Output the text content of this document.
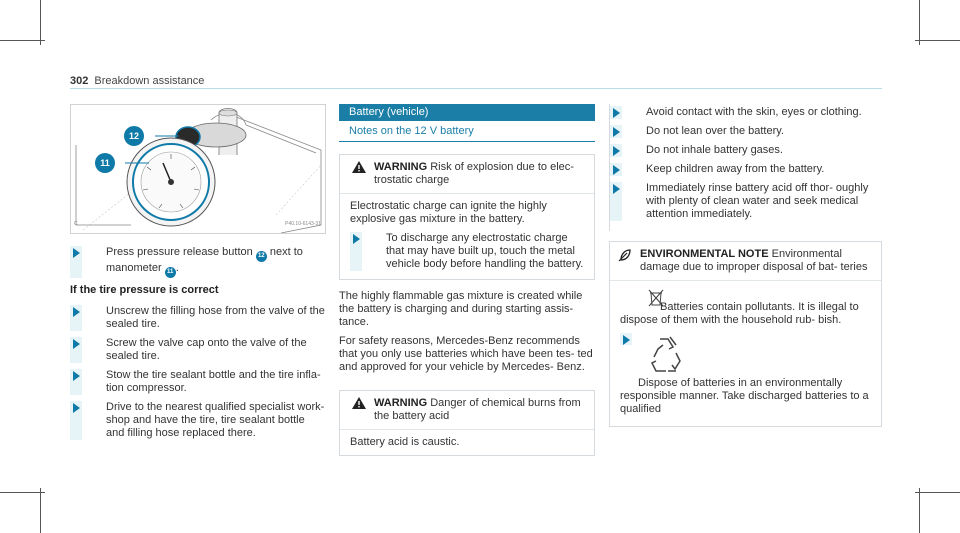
302 Breakdown assistance
12
11
C	P40.10-6143-31
Press pressure release button 12 next to manometer 11 .
If the tire pressure is correct
Unscrew the filling hose from the valve of the sealed tire.
Screw the valve cap onto the valve of the sealed tire.
Stow the tire sealant bottle and the tire infla- tion compressor.
Drive to the nearest qualified specialist work- shop and have the tire, tire sealant bottle and filling hose replaced there.
Battery (vehicle)
Notes on the 12 V battery
WARNING Risk of explosion due to elec- trostatic charge
Electrostatic charge can ignite the highly explosive gas mixture in the battery.
To discharge any electrostatic charge that may have built up, touch the metal vehicle body before handling the battery.
The highly flammable gas mixture is created while the battery is charging and during starting assis- tance.
For safety reasons, Mercedes-Benz recommends that you only use batteries which have been tes- ted and approved for your vehicle by Mercedes- Benz.
WARNING Danger of chemical burns from the battery acid
Battery acid is caustic.
Avoid contact with the skin, eyes or clothing.
Do not lean over the battery.
Do not inhale battery gases.
Keep children away from the battery.
Immediately rinse battery acid off thor- oughly with plenty of clean water and seek medical attention immediately.
ENVIRONMENTAL NOTE Environmental damage due to improper disposal of bat- teries
Batteries contain pollutants. It is illegal to dispose of them with the household rub- bish.
Dispose of batteries in an environmentally responsible manner. Take discharged batteries to a qualified
